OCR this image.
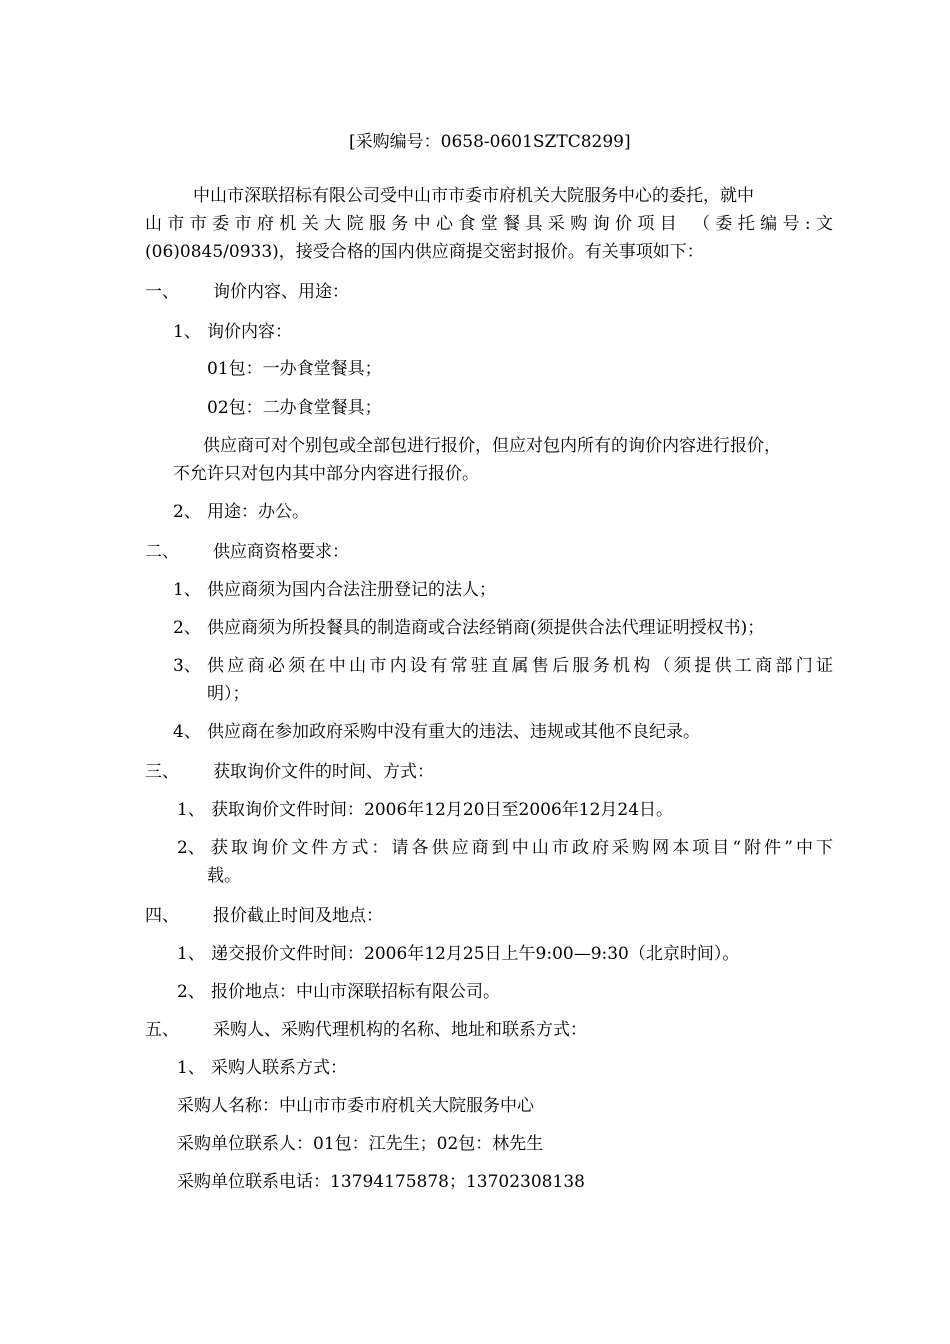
[采购编号：0658-0601SZTC8299]
中山市深联招标有限公司受中山市市委市府机关大院服务中心的委托，就中
山市市委市府机关大院服务中心食堂餐具采购询价项目 （委托编号:文
(06)0845/0933)，接受合格的国内供应商提交密封报价。有关事项如下：
一、 询价内容、用途：
1、 询价内容：
01包：一办食堂餐具；
02包：二办食堂餐具；
供应商可对个别包或全部包进行报价，但应对包内所有的询价内容进行报价，
不允许只对包内其中部分内容进行报价。
2、 用途：办公。
二、 供应商资格要求：
1、 供应商须为国内合法注册登记的法人；
2、 供应商须为所投餐具的制造商或合法经销商(须提供合法代理证明授权书)；
3、 供应商必须在中山市内设有常驻直属售后服务机构（须提供工商部门证
明）；
4、 供应商在参加政府采购中没有重大的违法、违规或其他不良纪录。
三、 获取询价文件的时间、方式：
1、 获取询价文件时间：2006年12月20日至2006年12月24日。
2、 获取询价文件方式：请各供应商到中山市政府采购网本项目“附件”中下
载。
四、 报价截止时间及地点：
1、 递交报价文件时间：2006年12月25日上午9:00—9:30（北京时间）。
2、 报价地点：中山市深联招标有限公司。
五、 采购人、采购代理机构的名称、地址和联系方式：
1、 采购人联系方式：
采购人名称：中山市市委市府机关大院服务中心
采购单位联系人：01包：江先生；02包：林先生
采购单位联系电话：13794175878；13702308138
